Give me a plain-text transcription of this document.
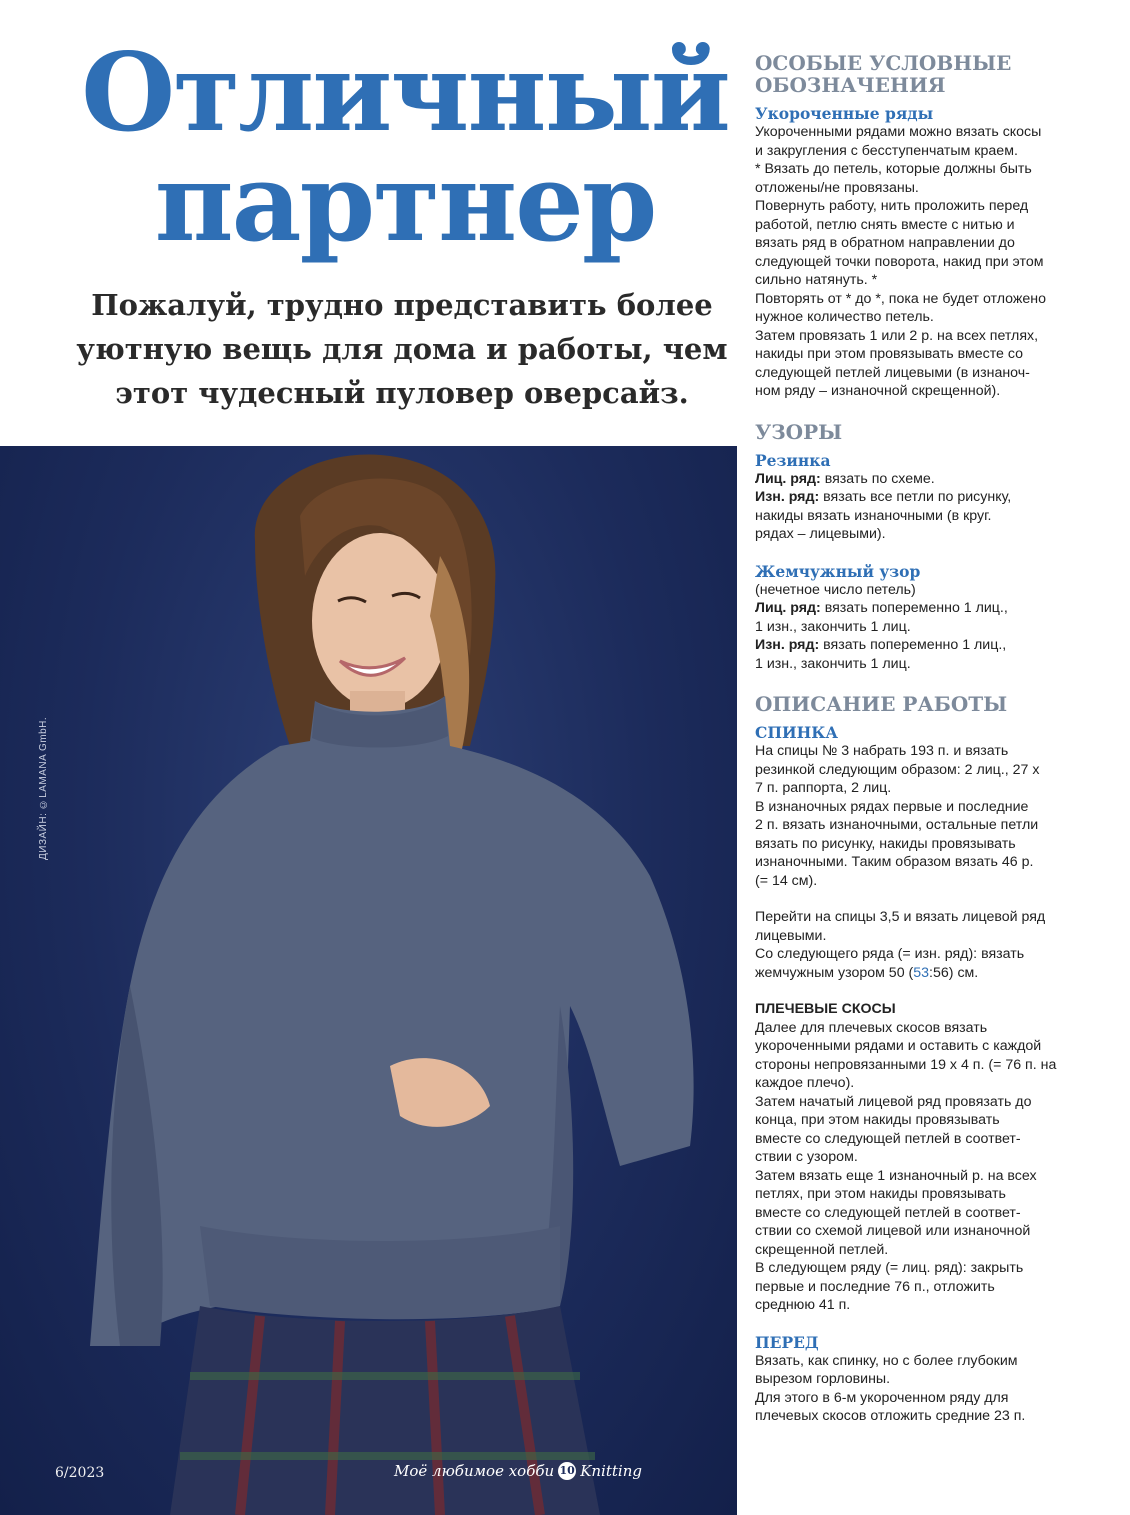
Отличный
партнер
Пожалуй, трудно представить более уютную вещь для дома и работы, чем этот чудесный пуловер оверсайз.
ДИЗАЙН: ©LAMANA GmbH.
6/2023	Моё любимое хобби 10 Knitting
ОСОБЫЕ УСЛОВНЫЕ
ОБОЗНАЧЕНИЯ
Укороченные ряды

Укороченными рядами можно вязать скосы
и закругления с бесступенчатым краем.
* Вязать до петель, которые должны быть
отложены/не провязаны.
Повернуть работу, нить проложить перед
работой, петлю снять вместе с нитью и
вязать ряд в обратном направлении до
следующей точки поворота, накид при этом
сильно натянуть. *
Повторять от * до *, пока не будет отложено
нужное количество петель.
Затем провязать 1 или 2 р. на всех петлях,
накиды при этом провязывать вместе со
следующей петлей лицевыми (в изнаноч-
ном ряду – изнаночной скрещенной).

УЗОРЫ
Резинка

Лиц. ряд: вязать по схеме.

Изн. ряд: вязать все петли по рисунку,
накиды вязать изнаночными (в круг.
рядах – лицевыми).

Жемчужный узор

(нечетное число петель)

Лиц. ряд: вязать попеременно 1 лиц.,
1 изн., закончить 1 лиц.

Изн. ряд: вязать попеременно 1 лиц.,
1 изн., закончить 1 лиц.

ОПИСАНИЕ РАБОТЫ
СПИНКА

На спицы № 3 набрать 193 п. и вязать
резинкой следующим образом: 2 лиц., 27 х
7 п. раппорта, 2 лиц.
В изнаночных рядах первые и последние
2 п. вязать изнаночными, остальные петли
вязать по рисунку, накиды провязывать
изнаночными. Таким образом вязать 46 р.
(= 14 см).

Перейти на спицы 3,5 и вязать лицевой ряд
лицевыми.
Со следующего ряда (= изн. ряд): вязать
жемчужным узором 50 (53:56) см.

ПЛЕЧЕВЫЕ СКОСЫ

Далее для плечевых скосов вязать
укороченными рядами и оставить с каждой
стороны непровязанными 19 х 4 п. (= 76 п. на
каждое плечо).
Затем начатый лицевой ряд провязать до
конца, при этом накиды провязывать
вместе со следующей петлей в соответ-
ствии с узором.
Затем вязать еще 1 изнаночный р. на всех
петлях, при этом накиды провязывать
вместе со следующей петлей в соответ-
ствии со схемой лицевой или изнаночной
скрещенной петлей.
В следующем ряду (= лиц. ряд): закрыть
первые и последние 76 п., отложить
среднюю 41 п.

ПЕРЕД

Вязать, как спинку, но с более глубоким
вырезом горловины.
Для этого в 6-м укороченном ряду для
плечевых скосов отложить средние 23 п.
